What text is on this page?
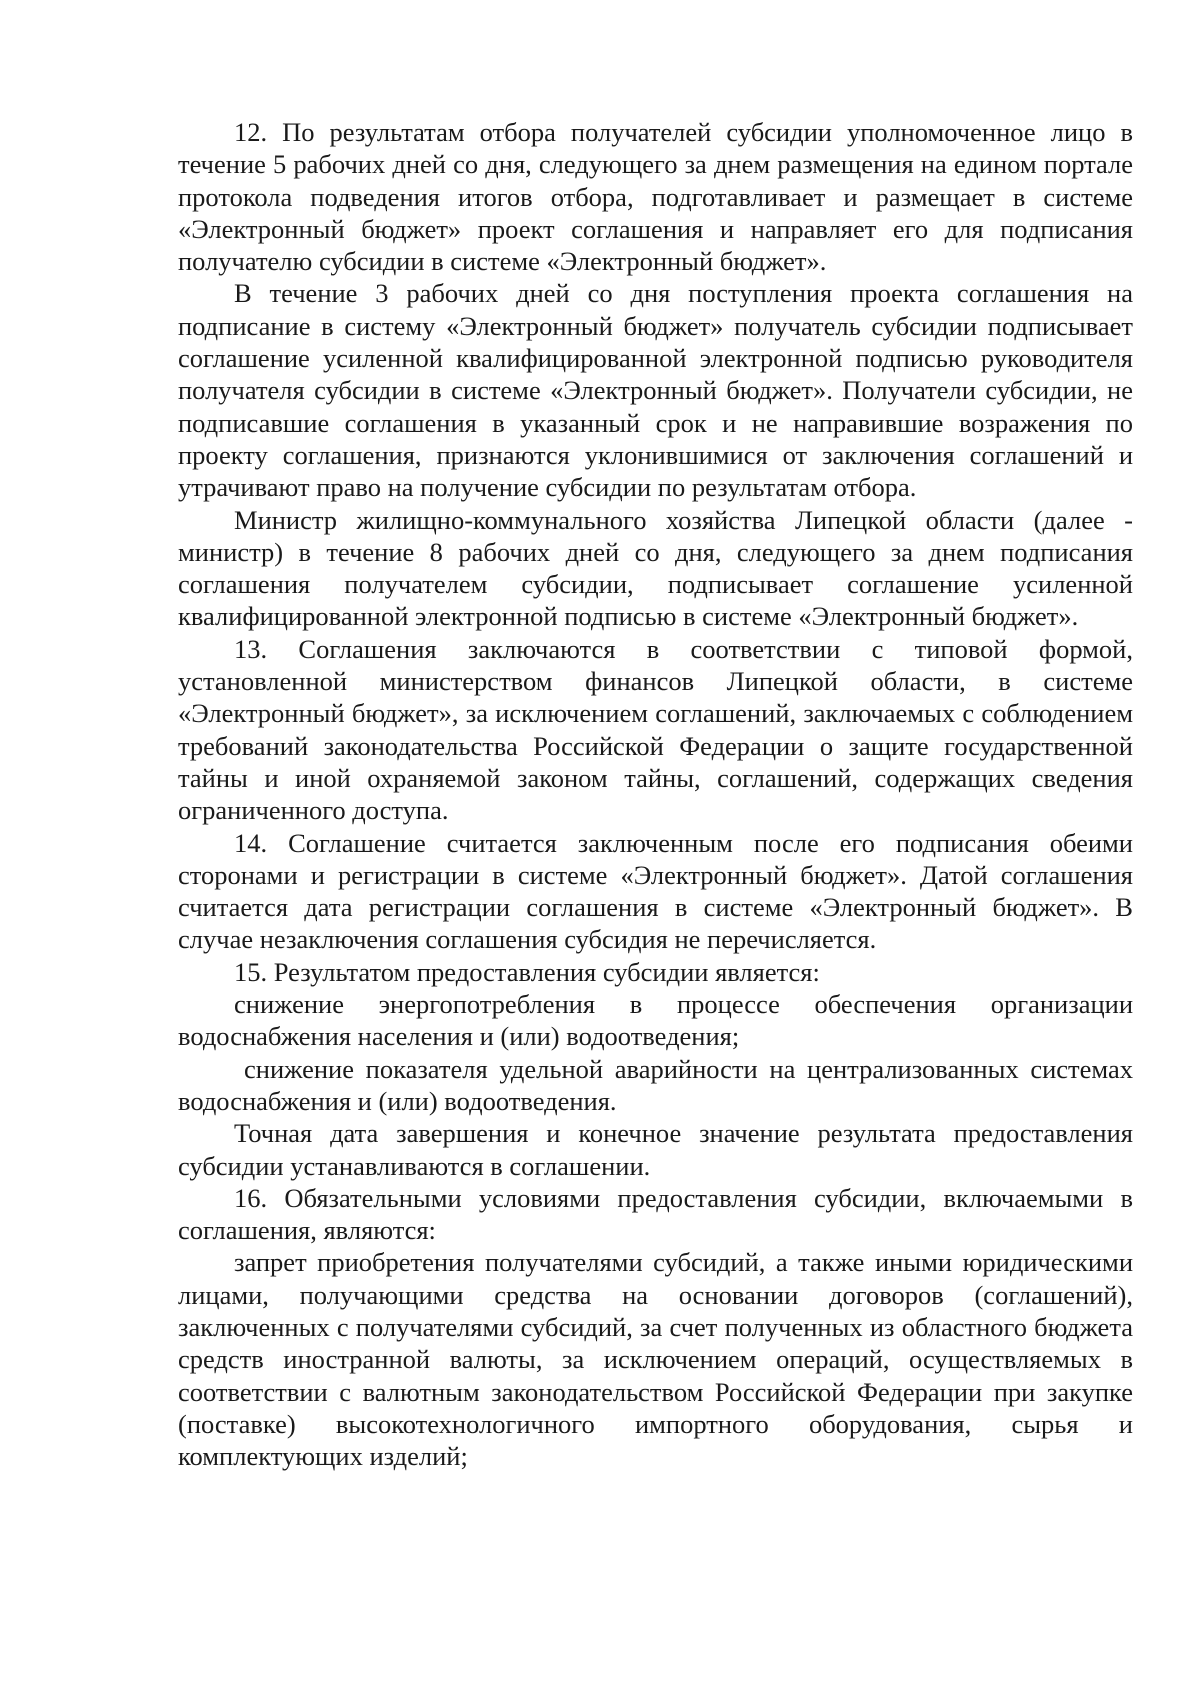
12. По результатам отбора получателей субсидии уполномоченное лицо в течение 5 рабочих дней со дня, следующего за днем размещения на едином портале протокола подведения итогов отбора, подготавливает и размещает в системе «Электронный бюджет» проект соглашения и направляет его для подписания получателю субсидии в системе «Электронный бюджет».

В течение 3 рабочих дней со дня поступления проекта соглашения на подписание в систему «Электронный бюджет» получатель субсидии подписывает соглашение усиленной квалифицированной электронной подписью руководителя получателя субсидии в системе «Электронный бюджет». Получатели субсидии, не подписавшие соглашения в указанный срок и не направившие возражения по проекту соглашения, признаются уклонившимися от заключения соглашений и утрачивают право на получение субсидии по результатам отбора.

Министр жилищно-коммунального хозяйства Липецкой области (далее - министр) в течение 8 рабочих дней со дня, следующего за днем подписания соглашения получателем субсидии, подписывает соглашение усиленной квалифицированной электронной подписью в системе «Электронный бюджет».

13. Соглашения заключаются в соответствии с типовой формой, установленной министерством финансов Липецкой области, в системе «Электронный бюджет», за исключением соглашений, заключаемых с соблюдением требований законодательства Российской Федерации о защите государственной тайны и иной охраняемой законом тайны, соглашений, содержащих сведения ограниченного доступа.

14. Соглашение считается заключенным после его подписания обеими сторонами и регистрации в системе «Электронный бюджет». Датой соглашения считается дата регистрации соглашения в системе «Электронный бюджет». В случае незаключения соглашения субсидия не перечисляется.

15. Результатом предоставления субсидии является:

снижение энергопотребления в процессе обеспечения организации водоснабжения населения и (или) водоотведения;

снижение показателя удельной аварийности на централизованных системах водоснабжения и (или) водоотведения.

Точная дата завершения и конечное значение результата предоставления субсидии устанавливаются в соглашении.

16. Обязательными условиями предоставления субсидии, включаемыми в соглашения, являются:

запрет приобретения получателями субсидий, а также иными юридическими лицами, получающими средства на основании договоров (соглашений), заключенных с получателями субсидий, за счет полученных из областного бюджета средств иностранной валюты, за исключением операций, осуществляемых в соответствии с валютным законодательством Российской Федерации при закупке (поставке) высокотехнологичного импортного оборудования, сырья и комплектующих изделий;
